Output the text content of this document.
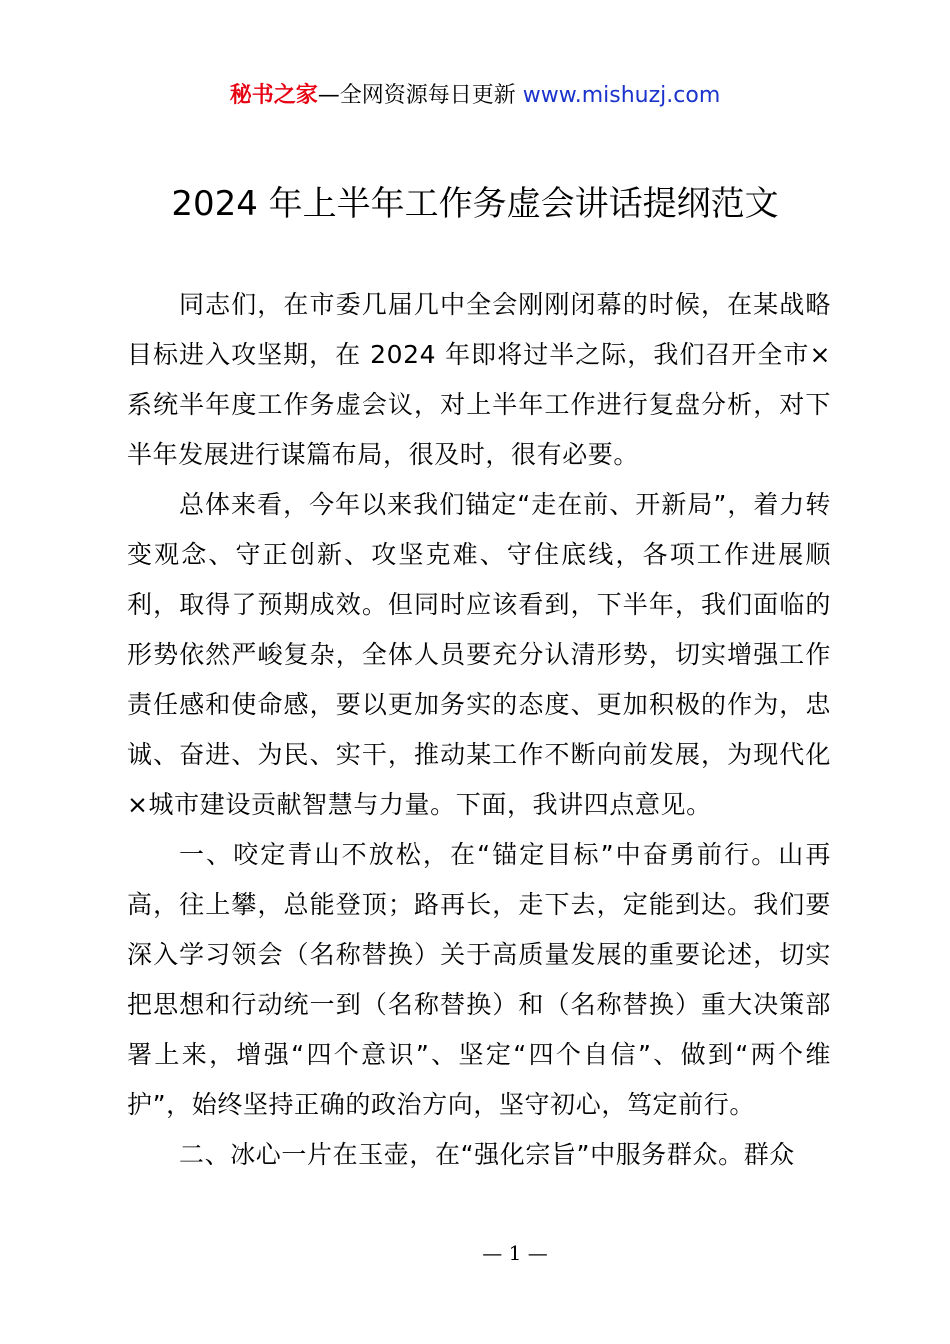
秘书之家—全网资源每日更新 www.mishuzj.com
2024 年上半年工作务虚会讲话提纲范文

同志们，在市委几届几中全会刚刚闭幕的时候，在某战略目标进入攻坚期，在 2024 年即将过半之际，我们召开全市×系统半年度工作务虚会议，对上半年工作进行复盘分析，对下半年发展进行谋篇布局，很及时，很有必要。

总体来看，今年以来我们锚定“走在前、开新局”，着力转变观念、守正创新、攻坚克难、守住底线，各项工作进展顺利，取得了预期成效。但同时应该看到，下半年，我们面临的形势依然严峻复杂，全体人员要充分认清形势，切实增强工作责任感和使命感，要以更加务实的态度、更加积极的作为，忠诚、奋进、为民、实干，推动某工作不断向前发展，为现代化×城市建设贡献智慧与力量。下面，我讲四点意见。

一、咬定青山不放松，在“锚定目标”中奋勇前行。山再高，往上攀，总能登顶；路再长，走下去，定能到达。我们要深入学习领会（名称替换）关于高质量发展的重要论述，切实把思想和行动统一到（名称替换）和（名称替换）重大决策部署上来，增强“四个意识”、坚定“四个自信”、做到“两个维护”，始终坚持正确的政治方向，坚守初心，笃定前行。

二、冰心一片在玉壶，在“强化宗旨”中服务群众。群众

— 1 —
